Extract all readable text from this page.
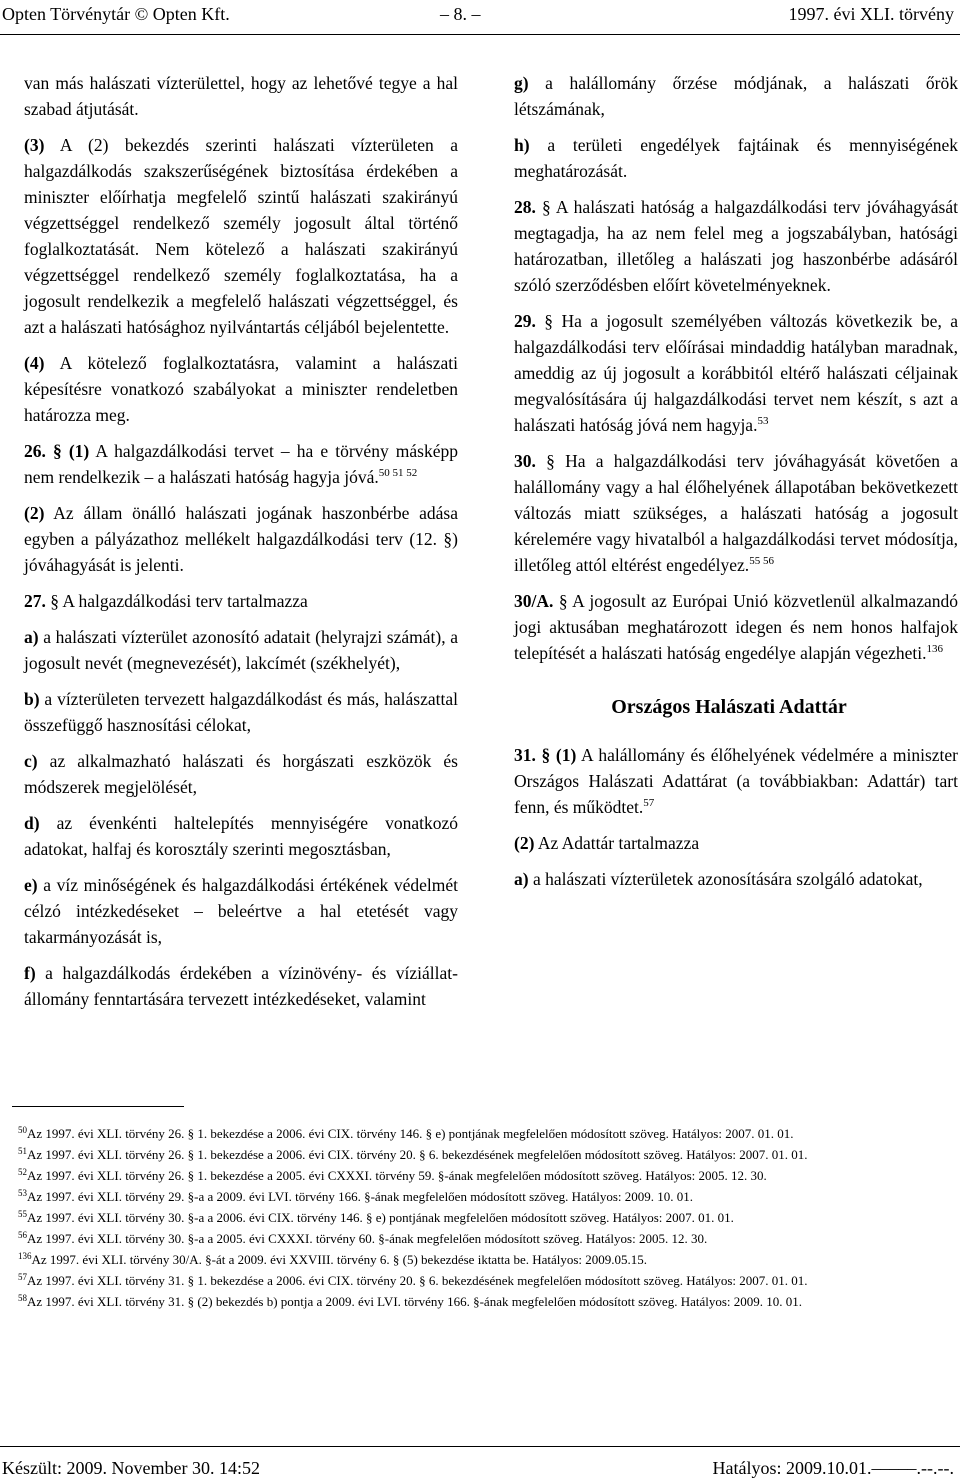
Opten Törvénytár © Opten Kft.	– 8. –	1997. évi XLI. törvény

van más halászati vízterülettel, hogy az lehetővé tegye a hal szabad átjutását.

(3) A (2) bekezdés szerinti halászati vízterületen a halgazdálkodás szakszerűségének biztosítása érdekében a miniszter előírhatja megfelelő szintű halászati szakirányú végzettséggel rendelkező személy jogosult által történő foglalkoztatását. Nem kötelező a halászati szakirányú végzettséggel rendelkező személy foglalkoztatása, ha a jogosult rendelkezik a megfelelő halászati végzettséggel, és azt a halászati hatósághoz nyilvántartás céljából bejelentette.

(4) A kötelező foglalkoztatásra, valamint a halászati képesítésre vonatkozó szabályokat a miniszter rendeletben határozza meg.

26. § (1) A halgazdálkodási tervet – ha e törvény másképp nem rendelkezik – a halászati hatóság hagyja jóvá.$^{50 51 52}$

(2) Az állam önálló halászati jogának haszonbérbe adása egyben a pályázathoz mellékelt halgazdálkodási terv (12. §) jóváhagyását is jelenti.

27. § A halgazdálkodási terv tartalmazza

a) a halászati vízterület azonosító adatait (helyrajzi számát), a jogosult nevét (megnevezését), lakcímét (székhelyét),

b) a vízterületen tervezett halgazdálkodást és más, halászattal összefüggő hasznosítási célokat,

c) az alkalmazható halászati és horgászati eszközök és módszerek megjelölését,

d) az évenkénti haltelepítés mennyiségére vonatkozó adatokat, halfaj és korosztály szerinti megosztásban,

e) a víz minőségének és halgazdálkodási értékének védelmét célzó intézkedéseket – beleértve a hal etetését vagy takarmányozását is,

f) a halgazdálkodás érdekében a vízinövény- és víziállat-állomány fenntartására tervezett intézkedéseket, valamint

g) a halállomány őrzése módjának, a halászati őrök létszámának,

h) a területi engedélyek fajtáinak és mennyiségének meghatározását.

28. § A halászati hatóság a halgazdálkodási terv jóváhagyását megtagadja, ha az nem felel meg a jogszabályban, hatósági határozatban, illetőleg a halászati jog haszonbérbe adásáról szóló szerződésben előírt követelményeknek.

29. § Ha a jogosult személyében változás következik be, a halgazdálkodási terv előírásai mindaddig hatályban maradnak, ameddig az új jogosult a korábbitól eltérő halászati céljainak megvalósítására új halgazdálkodási tervet nem készít, s azt a halászati hatóság jóvá nem hagyja.$^{53}$

30. § Ha a halgazdálkodási terv jóváhagyását követően a halállomány vagy a hal élőhelyének állapotában bekövetkezett változás miatt szükséges, a halászati hatóság a jogosult kérelemére vagy hivatalból a halgazdálkodási tervet módosítja, illetőleg attól eltérést engedélyez.$^{55 56}$

30/A. § A jogosult az Európai Unió közvetlenül alkalmazandó jogi aktusában meghatározott idegen és nem honos halfajok telepítését a halászati hatóság engedélye alapján végezheti.$^{136}$

Országos Halászati Adattár

31. § (1) A halállomány és élőhelyének védelmére a miniszter Országos Halászati Adattárat (a továbbiakban: Adattár) tart fenn, és működtet.$^{57}$

(2) Az Adattár tartalmazza

a) a halászati vízterületek azonosítására szolgáló adatokat,

$^{50}$Az 1997. évi XLI. törvény 26. § 1. bekezdése a 2006. évi CIX. törvény 146. § e) pontjának megfelelően módosított szöveg. Hatályos: 2007. 01. 01.
$^{51}$Az 1997. évi XLI. törvény 26. § 1. bekezdése a 2006. évi CIX. törvény 20. § 6. bekezdésének megfelelően módosított szöveg. Hatályos: 2007. 01. 01.
$^{52}$Az 1997. évi XLI. törvény 26. § 1. bekezdése a 2005. évi CXXXI. törvény 59. §-ának megfelelően módosított szöveg. Hatályos: 2005. 12. 30.
$^{53}$Az 1997. évi XLI. törvény 29. §-a a 2009. évi LVI. törvény 166. §-ának megfelelően módosított szöveg. Hatályos: 2009. 10. 01.
$^{55}$Az 1997. évi XLI. törvény 30. §-a a 2006. évi CIX. törvény 146. § e) pontjának megfelelően módosított szöveg. Hatályos: 2007. 01. 01.
$^{56}$Az 1997. évi XLI. törvény 30. §-a a 2005. évi CXXXI. törvény 60. §-ának megfelelően módosított szöveg. Hatályos: 2005. 12. 30.
$^{136}$Az 1997. évi XLI. törvény 30/A. §-át a 2009. évi XXVIII. törvény 6. § (5) bekezdése iktatta be. Hatályos: 2009.05.15.
$^{57}$Az 1997. évi XLI. törvény 31. § 1. bekezdése a 2006. évi CIX. törvény 20. § 6. bekezdésének megfelelően módosított szöveg. Hatályos: 2007. 01. 01.
$^{58}$Az 1997. évi XLI. törvény 31. § (2) bekezdés b) pontja a 2009. évi LVI. törvény 166. §-ának megfelelően módosított szöveg. Hatályos: 2009. 10. 01.
Készült: 2009. November 30. 14:52	Hatályos: 2009.10.01.–––––.--.--.
